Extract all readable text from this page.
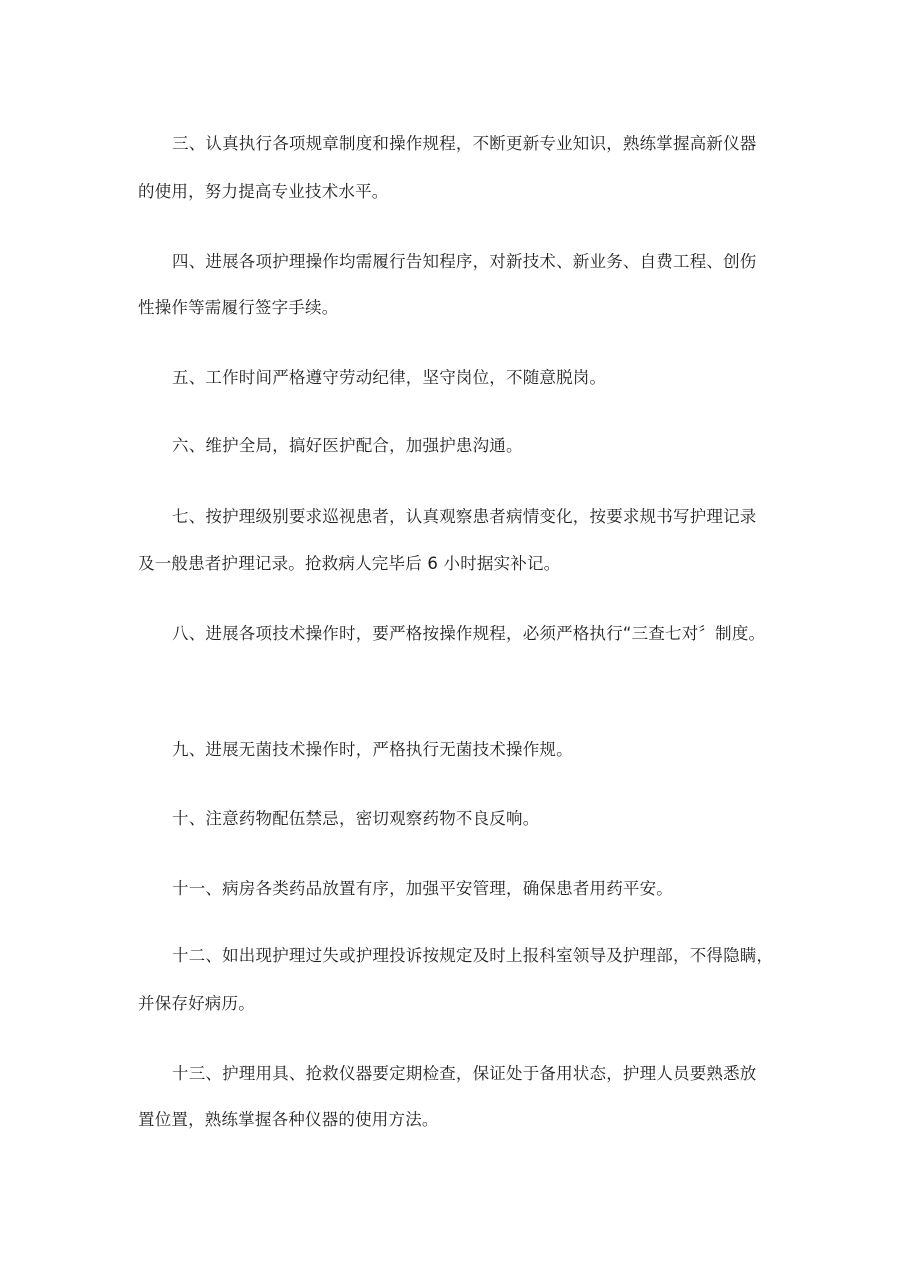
三、认真执行各项规章制度和操作规程，不断更新专业知识，熟练掌握高新仪器
的使用，努力提高专业技术水平。
四、进展各项护理操作均需履行告知程序，对新技术、新业务、自费工程、创伤
性操作等需履行签字手续。
五、工作时间严格遵守劳动纪律，坚守岗位，不随意脱岗。
六、维护全局，搞好医护配合，加强护患沟通。
七、按护理级别要求巡视患者，认真观察患者病情变化，按要求规书写护理记录
及一般患者护理记录。抢救病人完毕后 6 小时据实补记。
八、进展各项技术操作时，要严格按操作规程，必须严格执行“三查七对〞制度。
九、进展无菌技术操作时，严格执行无菌技术操作规。
十、注意药物配伍禁忌，密切观察药物不良反响。
十一、病房各类药品放置有序，加强平安管理，确保患者用药平安。
十二、如出现护理过失或护理投诉按规定及时上报科室领导及护理部，不得隐瞒，
并保存好病历。
十三、护理用具、抢救仪器要定期检查，保证处于备用状态，护理人员要熟悉放
置位置，熟练掌握各种仪器的使用方法。
